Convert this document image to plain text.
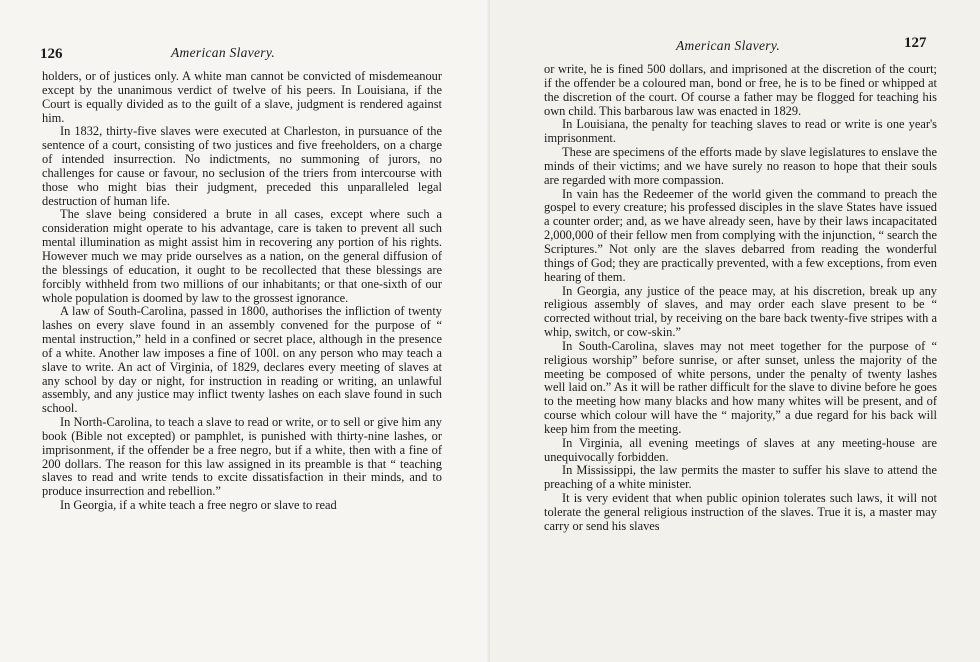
126	American Slavery.

holders, or of justices only. A white man cannot be convicted of misdemeanour except by the unanimous verdict of twelve of his peers. In Louisiana, if the Court is equally divided as to the guilt of a slave, judgment is rendered against him.

In 1832, thirty-five slaves were executed at Charleston, in pursuance of the sentence of a court, consisting of two justices and five freeholders, on a charge of intended insurrection. No indictments, no summoning of jurors, no challenges for cause or favour, no seclusion of the triers from intercourse with those who might bias their judgment, preceded this unparalleled legal destruction of human life.

The slave being considered a brute in all cases, except where such a consideration might operate to his advantage, care is taken to prevent all such mental illumination as might assist him in recovering any portion of his rights. However much we may pride ourselves as a nation, on the general diffusion of the blessings of education, it ought to be recollected that these blessings are forcibly withheld from two millions of our inhabitants; or that one-sixth of our whole population is doomed by law to the grossest ignorance.

A law of South-Carolina, passed in 1800, authorises the infliction of twenty lashes on every slave found in an assembly convened for the purpose of “ mental instruction,” held in a confined or secret place, although in the presence of a white. Another law imposes a fine of 100l. on any person who may teach a slave to write. An act of Virginia, of 1829, declares every meeting of slaves at any school by day or night, for instruction in reading or writing, an unlawful assembly, and any justice may inflict twenty lashes on each slave found in such school.

In North-Carolina, to teach a slave to read or write, or to sell or give him any book (Bible not excepted) or pamphlet, is punished with thirty-nine lashes, or imprisonment, if the offender be a free negro, but if a white, then with a fine of 200 dollars. The reason for this law assigned in its preamble is that “ teaching slaves to read and write tends to excite dissatisfaction in their minds, and to produce insurrection and rebellion.”

In Georgia, if a white teach a free negro or slave to read

American Slavery.	127

or write, he is fined 500 dollars, and imprisoned at the discretion of the court; if the offender be a coloured man, bond or free, he is to be fined or whipped at the discretion of the court. Of course a father may be flogged for teaching his own child. This barbarous law was enacted in 1829.

In Louisiana, the penalty for teaching slaves to read or write is one year's imprisonment.

These are specimens of the efforts made by slave legislatures to enslave the minds of their victims; and we have surely no reason to hope that their souls are regarded with more compassion.

In vain has the Redeemer of the world given the command to preach the gospel to every creature; his professed disciples in the slave States have issued a counter order; and, as we have already seen, have by their laws incapacitated 2,000,000 of their fellow men from complying with the injunction, “ search the Scriptures.” Not only are the slaves debarred from reading the wonderful things of God; they are practically prevented, with a few exceptions, from even hearing of them.

In Georgia, any justice of the peace may, at his discretion, break up any religious assembly of slaves, and may order each slave present to be “ corrected without trial, by receiving on the bare back twenty-five stripes with a whip, switch, or cow-skin.”

In South-Carolina, slaves may not meet together for the purpose of “ religious worship” before sunrise, or after sunset, unless the majority of the meeting be composed of white persons, under the penalty of twenty lashes well laid on.” As it will be rather difficult for the slave to divine before he goes to the meeting how many blacks and how many whites will be present, and of course which colour will have the “ majority,” a due regard for his back will keep him from the meeting.

In Virginia, all evening meetings of slaves at any meeting-house are unequivocally forbidden.

In Mississippi, the law permits the master to suffer his slave to attend the preaching of a white minister.

It is very evident that when public opinion tolerates such laws, it will not tolerate the general religious instruction of the slaves. True it is, a master may carry or send his slaves
